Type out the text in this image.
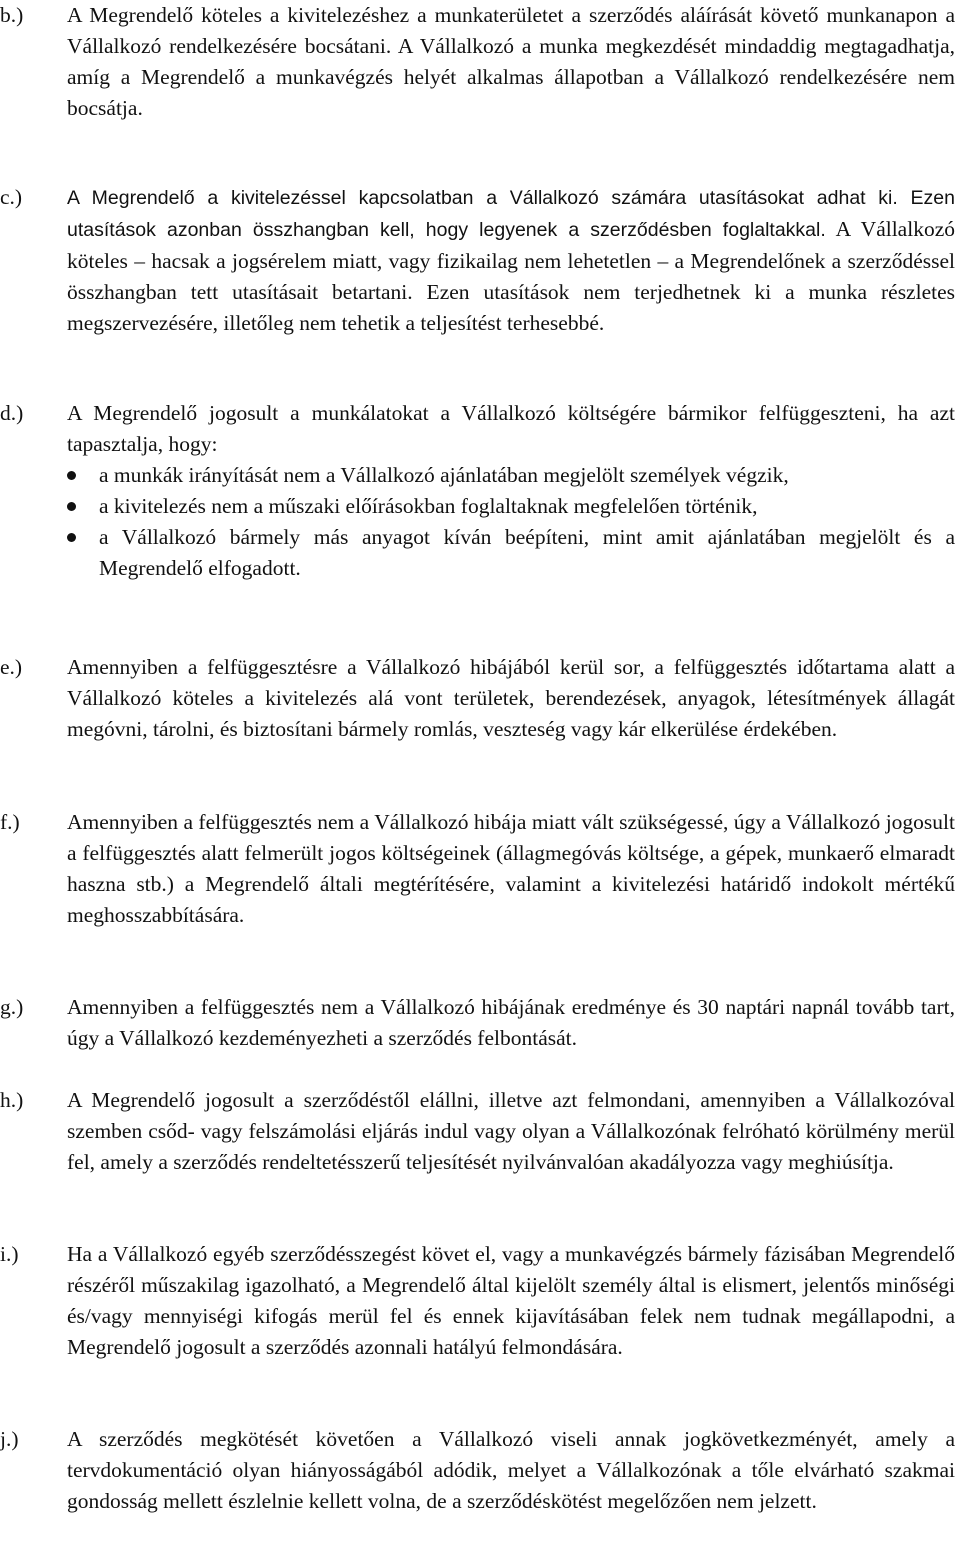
b.) A Megrendelő köteles a kivitelezéshez a munkaterületet a szerződés aláírását követő munkanapon a Vállalkozó rendelkezésére bocsátani. A Vállalkozó a munka megkezdését mindaddig megtagadhatja, amíg a Megrendelő a munkavégzés helyét alkalmas állapotban a Vállalkozó rendelkezésére nem bocsátja.

c.) A Megrendelő a kivitelezéssel kapcsolatban a Vállalkozó számára utasításokat adhat ki. Ezen utasítások azonban összhangban kell, hogy legyenek a szerződésben foglaltakkal. A Vállalkozó köteles – hacsak a jogsérelem miatt, vagy fizikailag nem lehetetlen – a Megrendelőnek a szerződéssel összhangban tett utasításait betartani. Ezen utasítások nem terjedhetnek ki a munka részletes megszervezésére, illetőleg nem tehetik a teljesítést terhesebbé.

d.) A Megrendelő jogosult a munkálatokat a Vállalkozó költségére bármikor felfüggeszteni, ha azt tapasztalja, hogy:

a munkák irányítását nem a Vállalkozó ajánlatában megjelölt személyek végzik,
a kivitelezés nem a műszaki előírásokban foglaltaknak megfelelően történik,
a Vállalkozó bármely más anyagot kíván beépíteni, mint amit ajánlatában megjelölt és a Megrendelő elfogadott.
e.) Amennyiben a felfüggesztésre a Vállalkozó hibájából kerül sor, a felfüggesztés időtartama alatt a Vállalkozó köteles a kivitelezés alá vont területek, berendezések, anyagok, létesítmények állagát megóvni, tárolni, és biztosítani bármely romlás, veszteség vagy kár elkerülése érdekében.

f.) Amennyiben a felfüggesztés nem a Vállalkozó hibája miatt vált szükségessé, úgy a Vállalkozó jogosult a felfüggesztés alatt felmerült jogos költségeinek (állagmegóvás költsége, a gépek, munkaerő elmaradt haszna stb.) a Megrendelő általi megtérítésére, valamint a kivitelezési határidő indokolt mértékű meghosszabbítására.

g.) Amennyiben a felfüggesztés nem a Vállalkozó hibájának eredménye és 30 naptári napnál tovább tart, úgy a Vállalkozó kezdeményezheti a szerződés felbontását.

h.) A Megrendelő jogosult a szerződéstől elállni, illetve azt felmondani, amennyiben a Vállalkozóval szemben csőd- vagy felszámolási eljárás indul vagy olyan a Vállalkozónak felróható körülmény merül fel, amely a szerződés rendeltetésszerű teljesítését nyilvánvalóan akadályozza vagy meghiúsítja.

i.) Ha a Vállalkozó egyéb szerződésszegést követ el, vagy a munkavégzés bármely fázisában Megrendelő részéről műszakilag igazolható, a Megrendelő által kijelölt személy által is elismert, jelentős minőségi és/vagy mennyiségi kifogás merül fel és ennek kijavításában felek nem tudnak megállapodni, a Megrendelő jogosult a szerződés azonnali hatályú felmondására.

j.) A szerződés megkötését követően a Vállalkozó viseli annak jogkövetkezményét, amely a tervdokumentáció olyan hiányosságából adódik, melyet a Vállalkozónak a tőle elvárható szakmai gondosság mellett észlelnie kellett volna, de a szerződéskötést megelőzően nem jelzett.
